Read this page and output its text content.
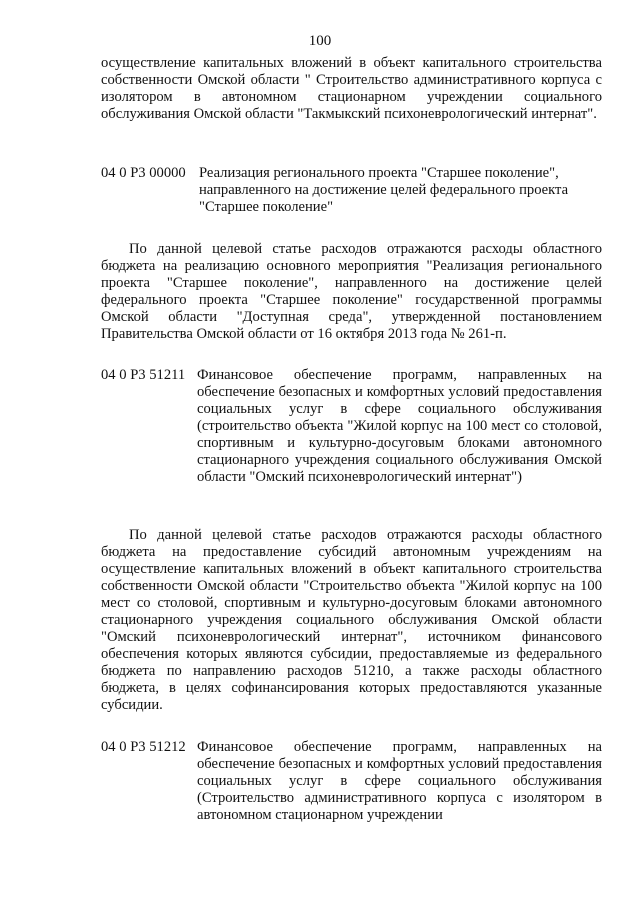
100
осуществление капитальных вложений в объект капитального строительства собственности Омской области " Строительство административного корпуса с изолятором в автономном стационарном учреждении социального обслуживания Омской области "Такмыкский психоневрологический интернат".
04 0 P3 00000 Реализация регионального проекта "Старшее поколение", направленного на достижение целей федерального проекта "Старшее поколение"
По данной целевой статье расходов отражаются расходы областного бюджета на реализацию основного мероприятия "Реализация регионального проекта "Старшее поколение", направленного на достижение целей федерального проекта "Старшее поколение" государственной программы Омской области "Доступная среда", утвержденной постановлением Правительства Омской области от 16 октября 2013 года № 261-п.
04 0 P3 51211 Финансовое обеспечение программ, направленных на обеспечение безопасных и комфортных условий предоставления социальных услуг в сфере социального обслуживания (строительство объекта "Жилой корпус на 100 мест со столовой, спортивным и культурно-досуговым блоками автономного стационарного учреждения социального обслуживания Омской области "Омский психоневрологический интернат")
По данной целевой статье расходов отражаются расходы областного бюджета на предоставление субсидий автономным учреждениям на осуществление капитальных вложений в объект капитального строительства собственности Омской области "Строительство объекта "Жилой корпус на 100 мест со столовой, спортивным и культурно-досуговым блоками автономного стационарного учреждения социального обслуживания Омской области "Омский психоневрологический интернат", источником финансового обеспечения которых являются субсидии, предоставляемые из федерального бюджета по направлению расходов 51210, а также расходы областного бюджета, в целях софинансирования которых предоставляются указанные субсидии.
04 0 P3 51212 Финансовое обеспечение программ, направленных на обеспечение безопасных и комфортных условий предоставления социальных услуг в сфере социального обслуживания (Строительство административного корпуса с изолятором в автономном стационарном учреждении
